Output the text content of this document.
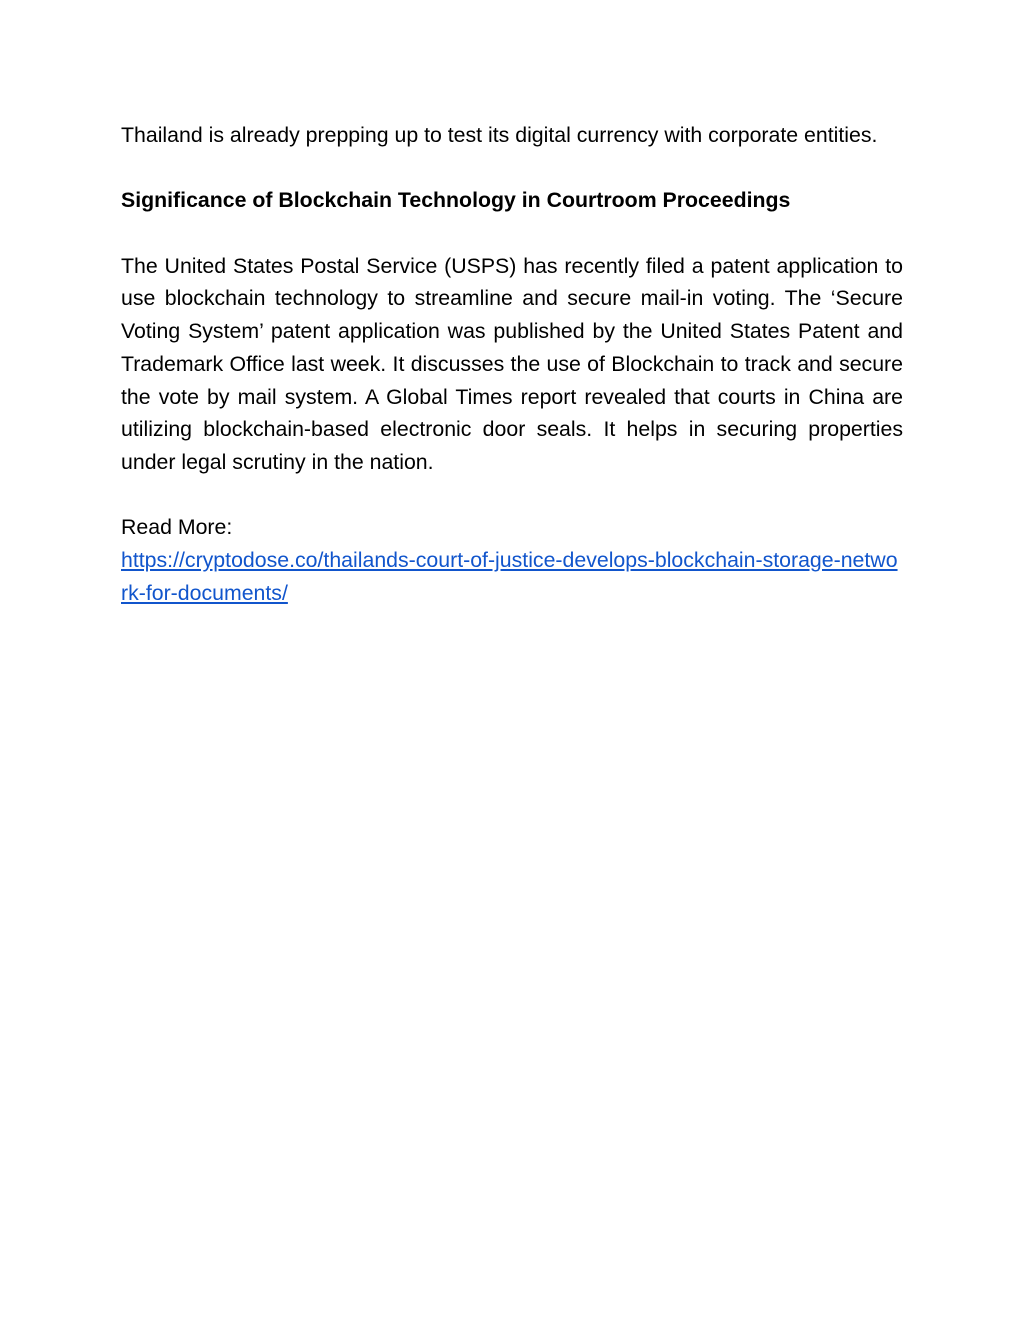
Thailand is already prepping up to test its digital currency with corporate entities.

Significance of Blockchain Technology in Courtroom Proceedings

The United States Postal Service (USPS) has recently filed a patent application to use blockchain technology to streamline and secure mail-in voting. The ‘Secure Voting System’ patent application was published by the United States Patent and Trademark Office last week. It discusses the use of Blockchain to track and secure the vote by mail system. A Global Times report revealed that courts in China are utilizing blockchain-based electronic door seals. It helps in securing properties under legal scrutiny in the nation.

Read More:

https://cryptodose.co/thailands-court-of-justice-develops-blockchain-storage-network-for-documents/
